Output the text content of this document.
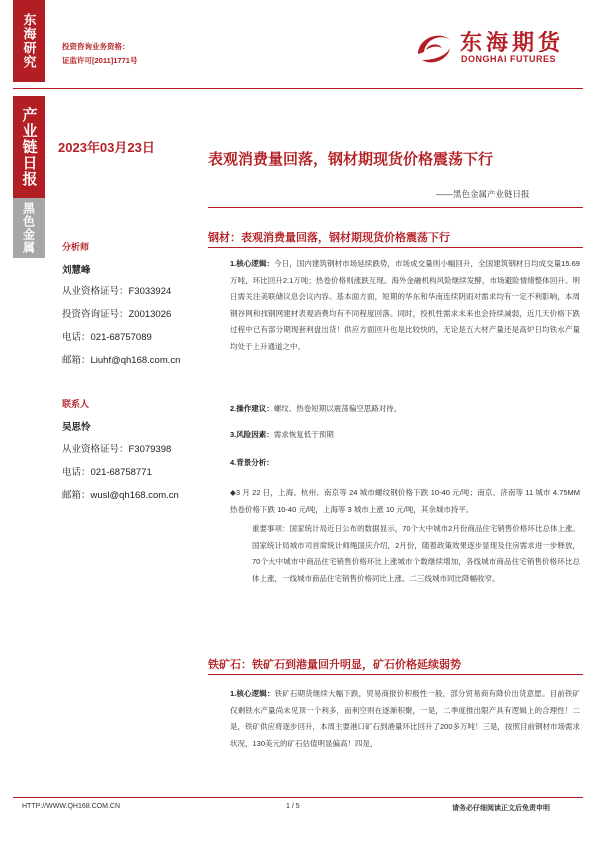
东海研究
产业链日报
黑色金属
投资咨询业务资格：
证监许可[2011]1771号
东海期货
DONGHAI FUTURES
2023年03月23日
表观消费量回落，钢材期现货价格震荡下行
——黑色金属产业链日报
分析师
刘慧峰
从业资格证号：F3033924
投资咨询证号：Z0013026
电话：021-68757089
邮箱：Liuhf@qh168.com.cn
联系人
吴思怜
从业资格证号：F3079398
电话：021-68758771
邮箱：wusl@qh168.com.cn
钢材：表观消费量回落，钢材期现货价格震荡下行
1.核心逻辑：今日，国内建筑钢材市场延续跌势，市场成交量则小幅回升，全国建筑钢材日均成交量15.69万吨，环比回升2.1万吨；热卷价格则涨跌互现。海外金融机构风险继续发酵，市场避险情绪整体回升。明日需关注美联储议息会议内容。基本面方面，短期的华东和华南连续阴雨对需求均有一定不利影响，本周钢谷网和找钢网建材表观消费均有不同程度回落。同时，投机性需求未来也会持续减弱，近几天价格下跌过程中已有部分期现套利盘出货！供应方面回升也是比较快的，无论是五大材产量还是高炉日均铁水产量均处于上升通道之中。
2.操作建议：螺纹、热卷短期以震荡偏空思路对待。
3.风险因素：需求恢复低于预期
4.背景分析：
◆3 月 22 日，上海、杭州、南京等 24 城市螺纹钢价格下跌 10-40 元/吨；南京、济南等 11 城市 4.75MM 热卷价格下跌 10-40 元/吨，上海等 3 城市上涨 10 元/吨，其余城市持平。
重要事项：国家统计局近日公布的数据显示，70个大中城市2月份商品住宅销售价格环比总体上涨。国家统计局城市司首席统计师绳国庆介绍，2月份，随着政策效果逐步显现及住房需求进一步释放，70个大中城市中商品住宅销售价格环比上涨城市个数继续增加，各线城市商品住宅销售价格环比总体上涨，一线城市商品住宅销售价格同比上涨、二三线城市同比降幅收窄。
铁矿石：铁矿石到港量回升明显，矿石价格延续弱势
1.核心逻辑：铁矿石期货继续大幅下跌，贸易商报价积极性一般，部分贸易商有降价出货意愿。目前铁矿仅剩铁水产量尚未见顶一个利多，而利空则在逐渐积聚，一是，二季度推出限产具有逻辑上的合理性！二是，铁矿供应将逐步回升，本周主要港口矿石到港量环比回升了200多万吨！三是，按照目前钢材市场需求状况，130美元的矿石估值明显偏高！四是，
HTTP://WWW.QH168.COM.CN	1 / 5	请务必仔细阅读正文后免责申明
